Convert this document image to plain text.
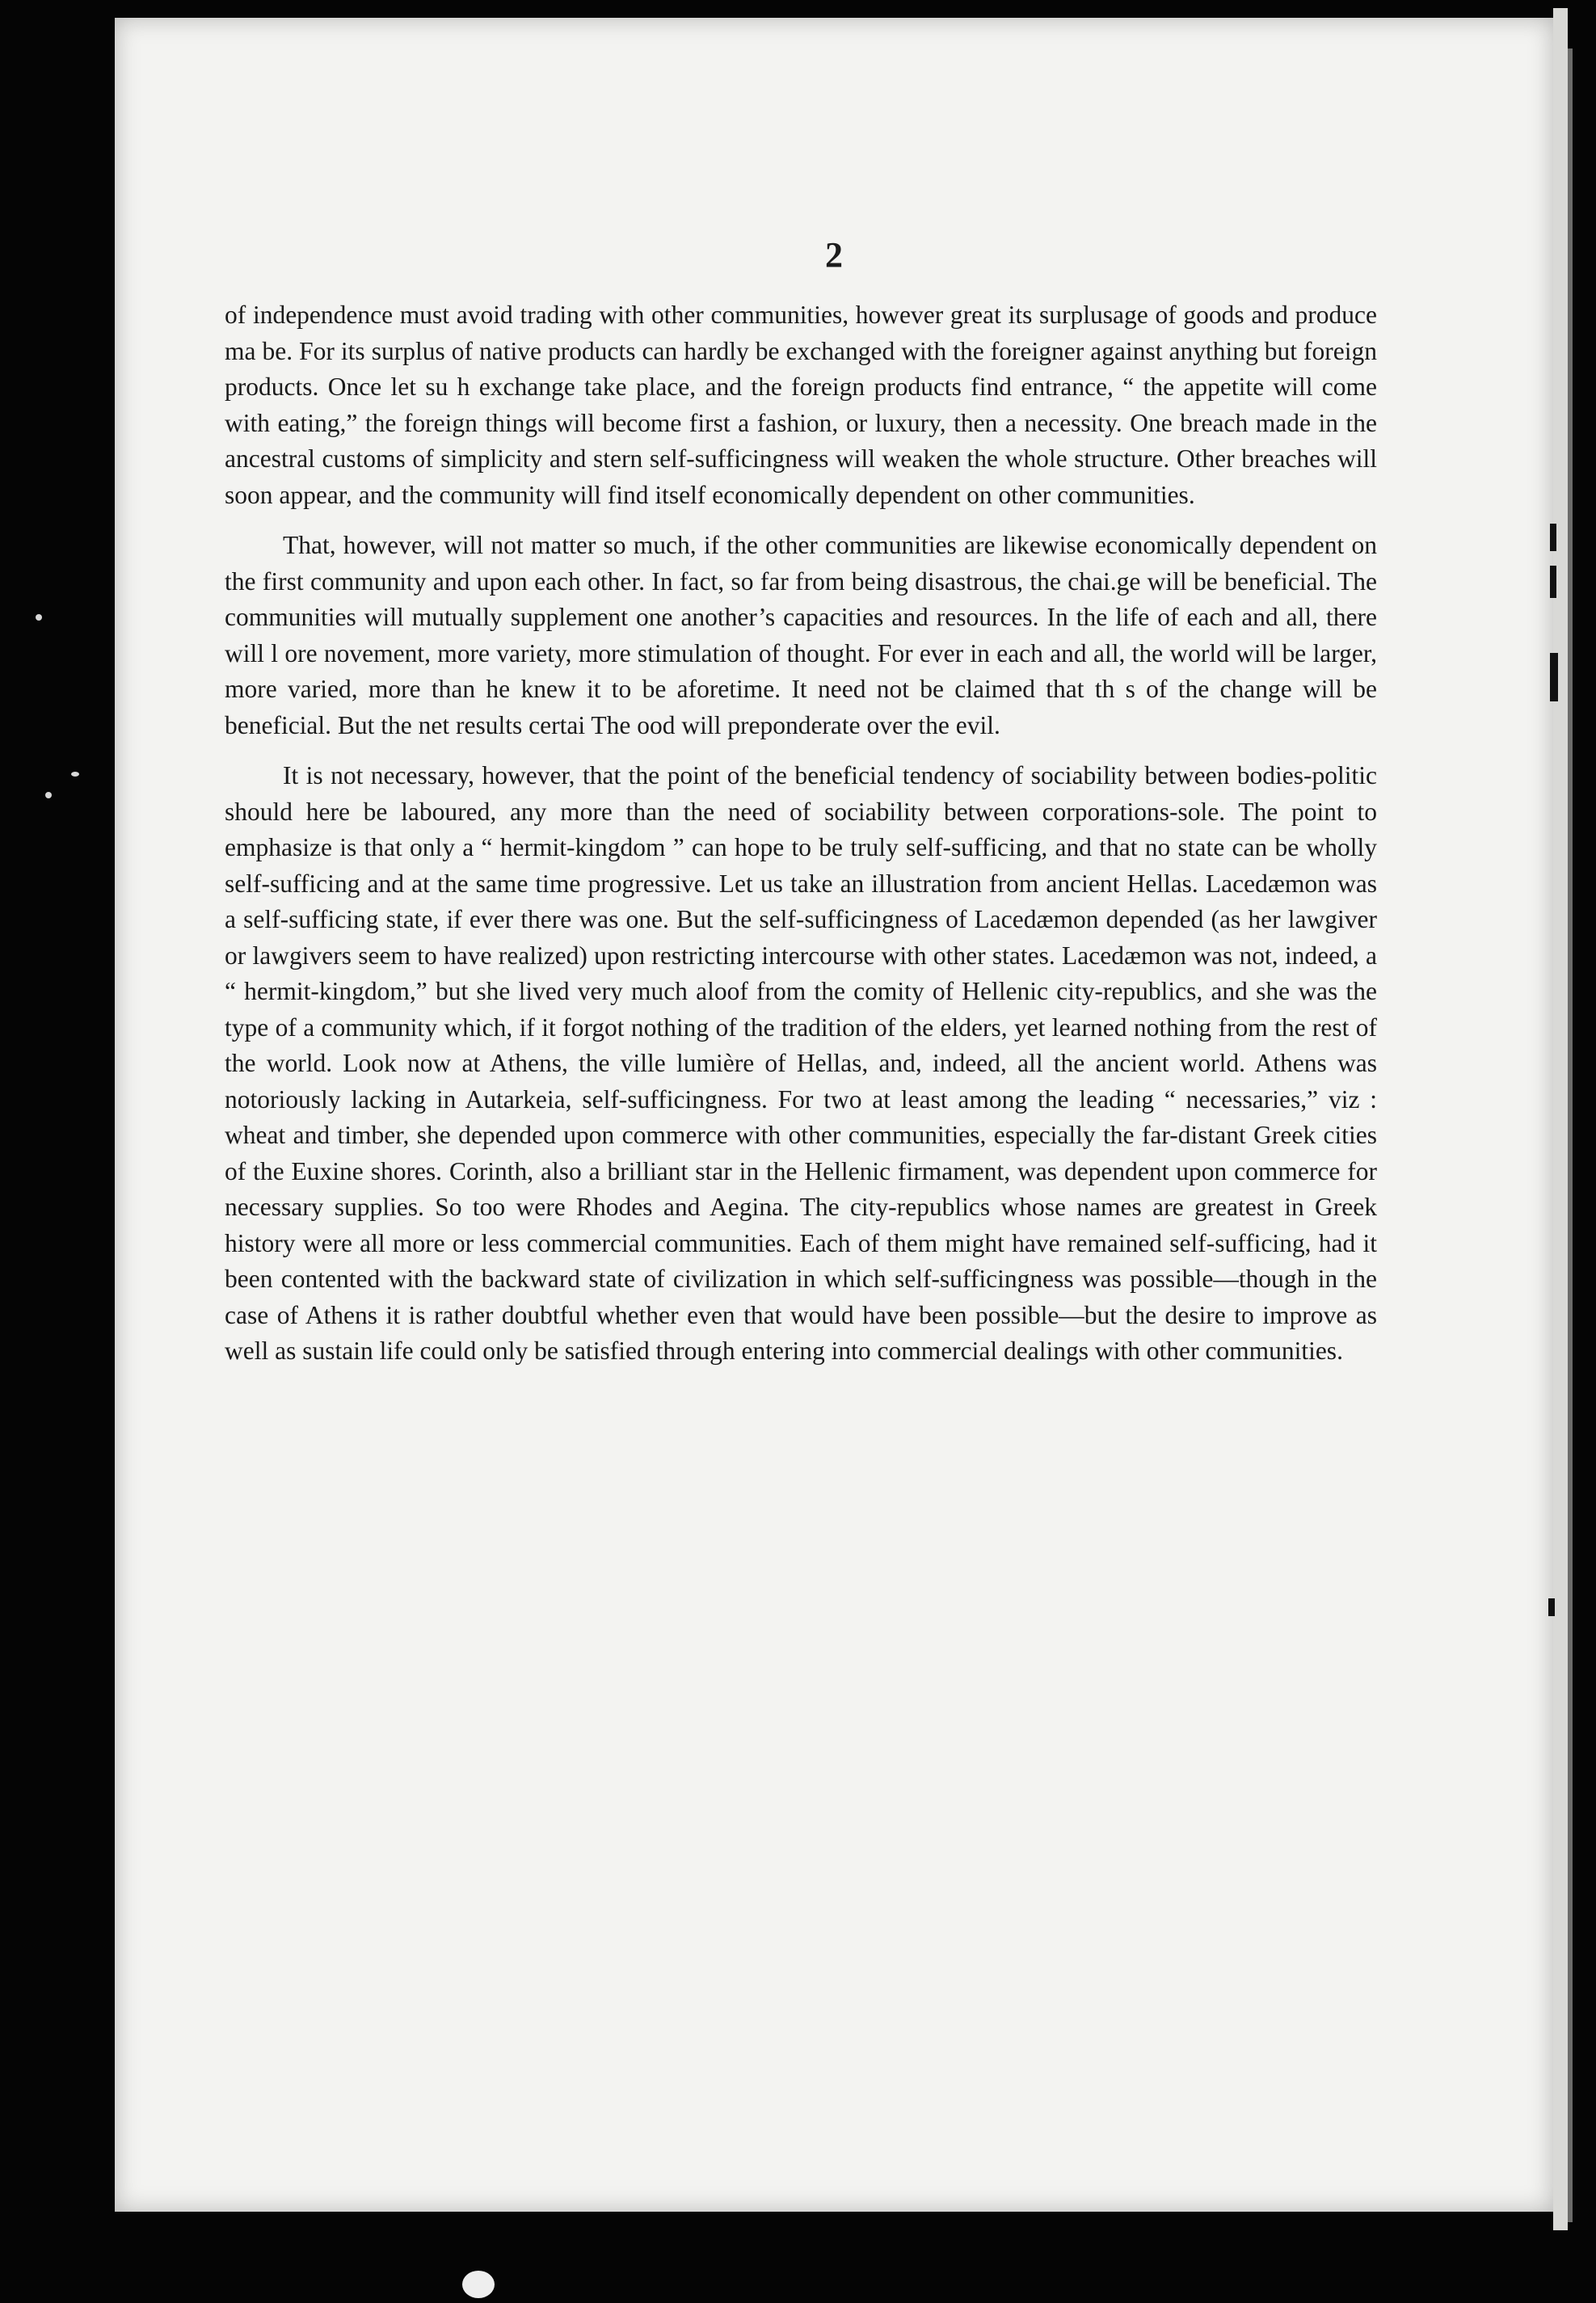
2

of independence must avoid trading with other communities, however great its surplusage of goods and produce ma be. For its surplus of native products can hardly be exchanged with the foreigner against anything but foreign products. Once let su h exchange take place, and the foreign products find entrance, “ the appetite will come with eating,” the foreign things will become first a fashion, or luxury, then a necessity. One breach made in the ancestral customs of simplicity and stern self-sufficingness will weaken the whole structure. Other breaches will soon appear, and the community will find itself economically dependent on other communities.

That, however, will not matter so much, if the other communities are likewise economically dependent on the first community and upon each other. In fact, so far from being disastrous, the chai.ge will be beneficial. The communities will mutually supplement one another’s capacities and resources. In the life of each and all, there will l ore novement, more variety, more stimulation of thought. For ever in each and all, the world will be larger, more varied, more than he knew it to be aforetime. It need not be claimed that th s of the change will be beneficial. But the net results certai The ood will preponderate over the evil.

It is not necessary, however, that the point of the beneficial tendency of sociability between bodies-politic should here be laboured, any more than the need of sociability between corporations-sole. The point to emphasize is that only a “ hermit-kingdom ” can hope to be truly self-sufficing, and that no state can be wholly self-sufficing and at the same time progressive. Let us take an illustration from ancient Hellas. Lacedæmon was a self-sufficing state, if ever there was one. But the self-sufficingness of Lacedæmon depended (as her lawgiver or lawgivers seem to have realized) upon restricting intercourse with other states. Lacedæmon was not, indeed, a “ hermit-kingdom,” but she lived very much aloof from the comity of Hellenic city-republics, and she was the type of a community which, if it forgot nothing of the tradition of the elders, yet learned nothing from the rest of the world. Look now at Athens, the ville lumière of Hellas, and, indeed, all the ancient world. Athens was notoriously lacking in Autarkeia, self-sufficingness. For two at least among the leading “ necessaries,” viz : wheat and timber, she depended upon commerce with other communities, especially the far-distant Greek cities of the Euxine shores. Corinth, also a brilliant star in the Hellenic firmament, was dependent upon commerce for necessary supplies. So too were Rhodes and Aegina. The city-republics whose names are greatest in Greek history were all more or less commercial communities. Each of them might have remained self-sufficing, had it been contented with the backward state of civilization in which self-sufficingness was possible—though in the case of Athens it is rather doubtful whether even that would have been possible—but the desire to improve as well as sustain life could only be satisfied through entering into commercial dealings with other communities.
